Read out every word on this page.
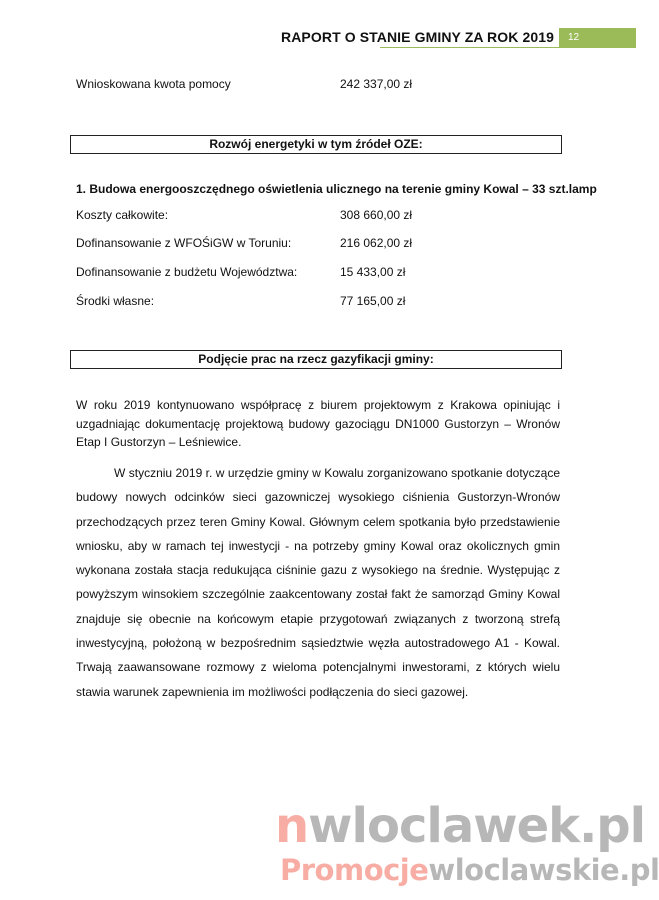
RAPORT O STANIE GMINY ZA ROK 2019	12
Wnioskowana kwota pomocy	242 337,00 zł
Rozwój energetyki w tym źródeł OZE:
1. Budowa energooszczędnego oświetlenia ulicznego na terenie gminy Kowal – 33 szt.lamp
Koszty całkowite:	308 660,00 zł
Dofinansowanie z WFOŚiGW w Toruniu:	216 062,00 zł
Dofinansowanie z budżetu Województwa:	15 433,00 zł
Środki własne:	77 165,00 zł
Podjęcie prac na rzecz gazyfikacji gminy:

W roku 2019 kontynuowano współpracę z biurem projektowym z Krakowa opiniując i uzgadniając dokumentację projektową budowy gazociągu DN1000 Gustorzyn – Wronów Etap I Gustorzyn – Leśniewice.

W styczniu 2019 r. w urzędzie gminy w Kowalu zorganizowano spotkanie dotyczące budowy nowych odcinków sieci gazowniczej wysokiego ciśnienia Gustorzyn-Wronów przechodzących przez teren Gminy Kowal. Głównym celem spotkania było przedstawienie wniosku, aby w ramach tej inwestycji - na potrzeby gminy Kowal oraz okolicznych gmin wykonana została stacja redukująca ciśninie gazu z wysokiego na średnie. Występując z powyższym winsokiem szczególnie zaakcentowany został fakt że samorząd Gminy Kowal znajduje się obecnie na końcowym etapie przygotowań związanych z tworzoną strefą inwestycyjną, położoną w bezpośrednim sąsiedztwie węzła autostradowego A1 - Kowal. Trwają zaawansowane rozmowy z wieloma potencjalnymi inwestorami, z których wielu stawia warunek zapewnienia im możliwości podłączenia do sieci gazowej.

nwloclawek.pl
Promocjewloclawskie.pl
